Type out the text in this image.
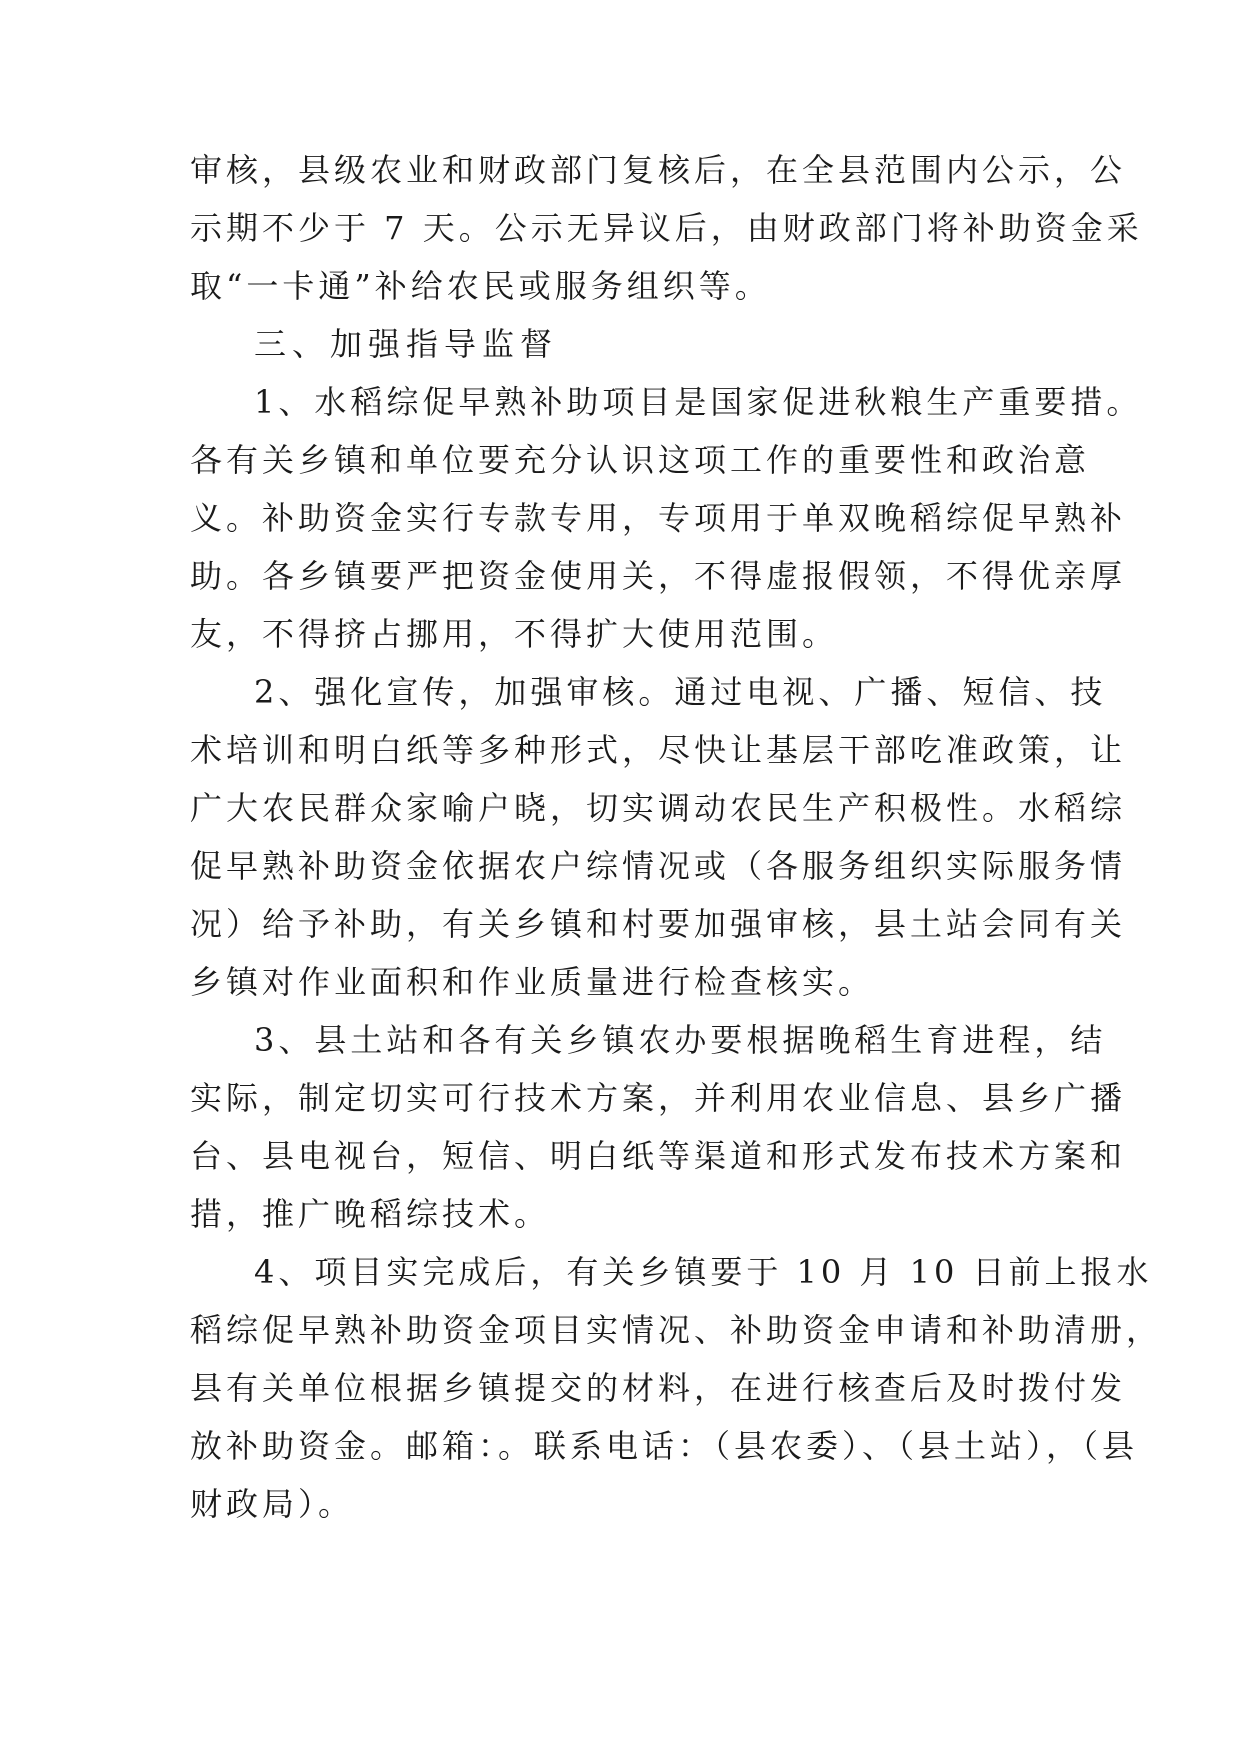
审核，县级农业和财政部门复核后，在全县范围内公示，公
示期不少于 7 天。公示无异议后，由财政部门将补助资金采
取“一卡通”补给农民或服务组织等。
三、加强指导监督
1、水稻综促早熟补助项目是国家促进秋粮生产重要措。
各有关乡镇和单位要充分认识这项工作的重要性和政治意
义。补助资金实行专款专用，专项用于单双晚稻综促早熟补
助。各乡镇要严把资金使用关，不得虚报假领，不得优亲厚
友，不得挤占挪用，不得扩大使用范围。
2、强化宣传，加强审核。通过电视、广播、短信、技
术培训和明白纸等多种形式，尽快让基层干部吃准政策，让
广大农民群众家喻户晓，切实调动农民生产积极性。水稻综
促早熟补助资金依据农户综情况或（各服务组织实际服务情
况）给予补助，有关乡镇和村要加强审核，县土站会同有关
乡镇对作业面积和作业质量进行检查核实。
3、县土站和各有关乡镇农办要根据晚稻生育进程，结
实际，制定切实可行技术方案，并利用农业信息、县乡广播
台、县电视台，短信、明白纸等渠道和形式发布技术方案和
措，推广晚稻综技术。
4、项目实完成后，有关乡镇要于 10 月 10 日前上报水
稻综促早熟补助资金项目实情况、补助资金申请和补助清册，
县有关单位根据乡镇提交的材料，在进行核查后及时拨付发
放补助资金。邮箱：。联系电话：（县农委）、（县土站），（县
财政局）。
